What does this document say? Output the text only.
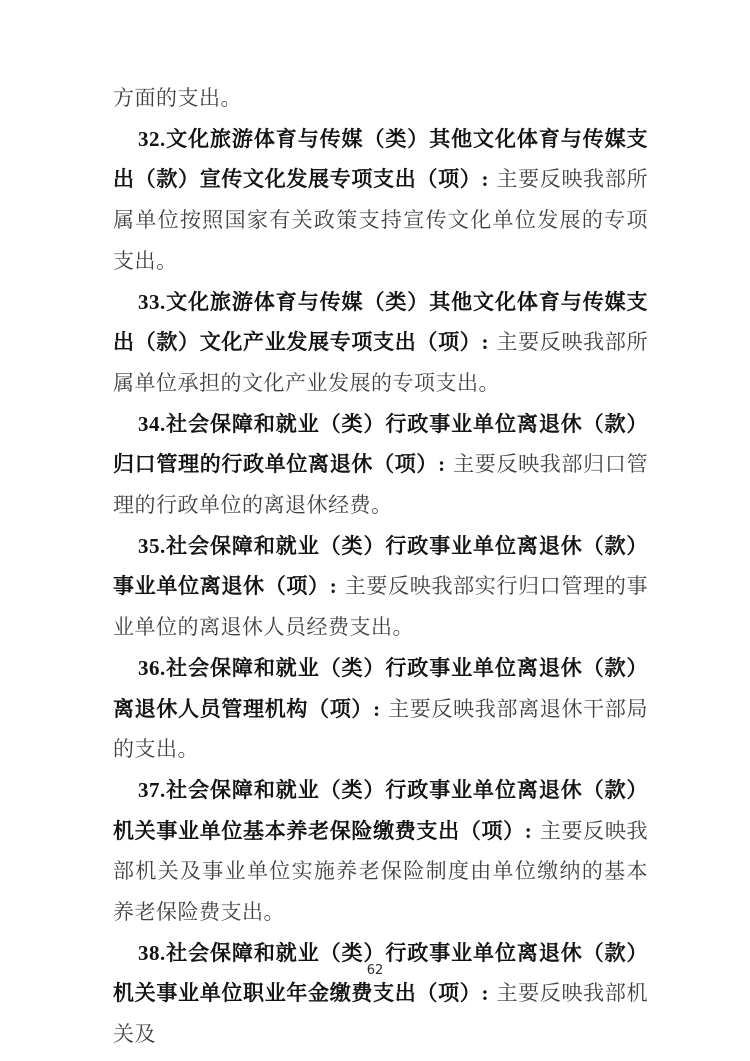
方面的支出。

32.文化旅游体育与传媒（类）其他文化体育与传媒支出（款）宣传文化发展专项支出（项）: 主要反映我部所属单位按照国家有关政策支持宣传文化单位发展的专项支出。

33.文化旅游体育与传媒（类）其他文化体育与传媒支出（款）文化产业发展专项支出（项）: 主要反映我部所属单位承担的文化产业发展的专项支出。

34.社会保障和就业（类）行政事业单位离退休（款）归口管理的行政单位离退休（项）: 主要反映我部归口管理的行政单位的离退休经费。

35.社会保障和就业（类）行政事业单位离退休（款）事业单位离退休（项）: 主要反映我部实行归口管理的事业单位的离退休人员经费支出。

36.社会保障和就业（类）行政事业单位离退休（款）离退休人员管理机构（项）: 主要反映我部离退休干部局的支出。

37.社会保障和就业（类）行政事业单位离退休（款）机关事业单位基本养老保险缴费支出（项）: 主要反映我部机关及事业单位实施养老保险制度由单位缴纳的基本养老保险费支出。

38.社会保障和就业（类）行政事业单位离退休（款）机关事业单位职业年金缴费支出（项）: 主要反映我部机关及

62
